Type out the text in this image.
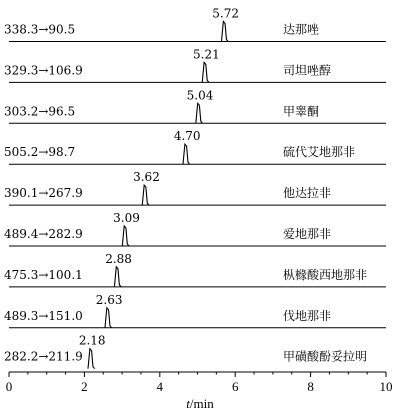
5.72
338.3→90.5	达那唑
5.21
329.3→106.9	司坦唑醇
5.04
303.2→96.5	甲睾酮
4.70
505.2→98.7	硫代艾地那非
3.62
390.1→267.9	他达拉非
3.09
489.4→282.9	爱地那非
2.88
475.3→100.1	枞橼酸西地那非
2.63
489.3→151.0	伐地那非
2.18
282.2→211.9	甲磺酸酚妥拉明
t/min
0	2	4	6	8	10
